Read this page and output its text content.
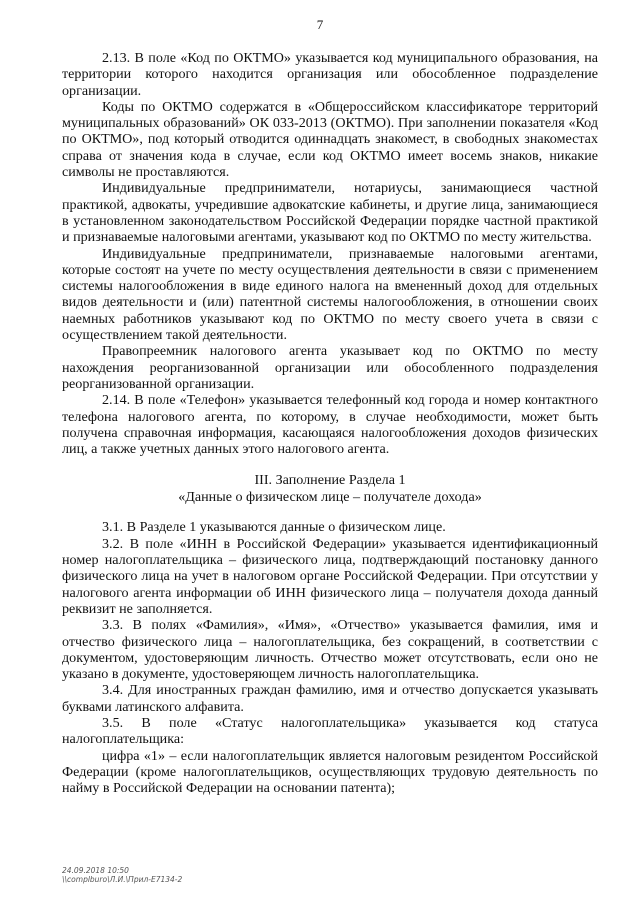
7

2.13. В поле «Код по ОКТМО» указывается код муниципального образования, на территории которого находится организация или обособленное подразделение организации.

Коды по ОКТМО содержатся в «Общероссийском классификаторе территорий муниципальных образований» ОК 033-2013 (ОКТМО). При заполнении показателя «Код по ОКТМО», под который отводится одиннадцать знакомест, в свободных знакоместах справа от значения кода в случае, если код ОКТМО имеет восемь знаков, никакие символы не проставляются.

Индивидуальные предприниматели, нотариусы, занимающиеся частной практикой, адвокаты, учредившие адвокатские кабинеты, и другие лица, занимающиеся в установленном законодательством Российской Федерации порядке частной практикой и признаваемые налоговыми агентами, указывают код по ОКТМО по месту жительства.

Индивидуальные предприниматели, признаваемые налоговыми агентами, которые состоят на учете по месту осуществления деятельности в связи с применением системы налогообложения в виде единого налога на вмененный доход для отдельных видов деятельности и (или) патентной системы налогообложения, в отношении своих наемных работников указывают код по ОКТМО по месту своего учета в связи с осуществлением такой деятельности.

Правопреемник налогового агента указывает код по ОКТМО по месту нахождения реорганизованной организации или обособленного подразделения реорганизованной организации.

2.14. В поле «Телефон» указывается телефонный код города и номер контактного телефона налогового агента, по которому, в случае необходимости, может быть получена справочная информация, касающаяся налогообложения доходов физических лиц, а также учетных данных этого налогового агента.

III. Заполнение Раздела 1
«Данные о физическом лице – получателе дохода»

3.1. В Разделе 1 указываются данные о физическом лице.

3.2. В поле «ИНН в Российской Федерации» указывается идентификационный номер налогоплательщика – физического лица, подтверждающий постановку данного физического лица на учет в налоговом органе Российской Федерации. При отсутствии у налогового агента информации об ИНН физического лица – получателя дохода данный реквизит не заполняется.

3.3. В полях «Фамилия», «Имя», «Отчество» указывается фамилия, имя и отчество физического лица – налогоплательщика, без сокращений, в соответствии с документом, удостоверяющим личность. Отчество может отсутствовать, если оно не указано в документе, удостоверяющем личность налогоплательщика.

3.4. Для иностранных граждан фамилию, имя и отчество допускается указывать буквами латинского алфавита.

3.5. В поле «Статус налогоплательщика» указывается код статуса налогоплательщика:

цифра «1» – если налогоплательщик является налоговым резидентом Российской Федерации (кроме налогоплательщиков, осуществляющих трудовую деятельность по найму в Российской Федерации на основании патента);

24.09.2018 10:50
\\complburo\Л.И.\Прил-Е7134-2
